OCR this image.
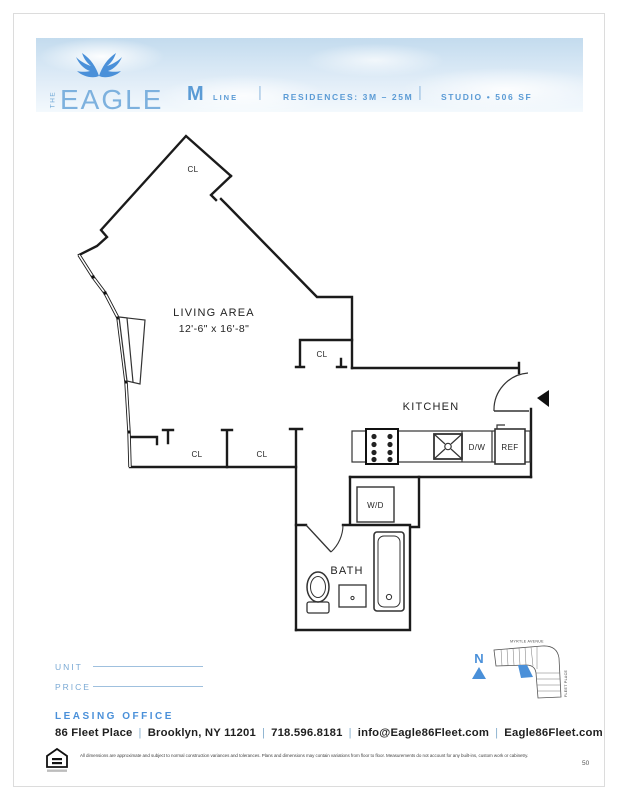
THE EAGLE M LINE | RESIDENCES: 3M – 25M | STUDIO • 506 SF
CL
LIVING AREA
12'-6" x 16'-8"
CL
KITCHEN
CL	CL
W/D
D/W REF
BATH
UNIT
PRICE
N
MYRTLE AVENUE
FLEET PLACE
LEASING OFFICE
86 Fleet Place | Brooklyn, NY 11201 | 718.596.8181 | info@Eagle86Fleet.com | Eagle86Fleet.com
All dimensions are approximate and subject to normal construction variances and tolerances. Plans and dimensions may contain variations from floor to floor. Measurements do not account for any built-ins, custom work or cabinetry.
50
